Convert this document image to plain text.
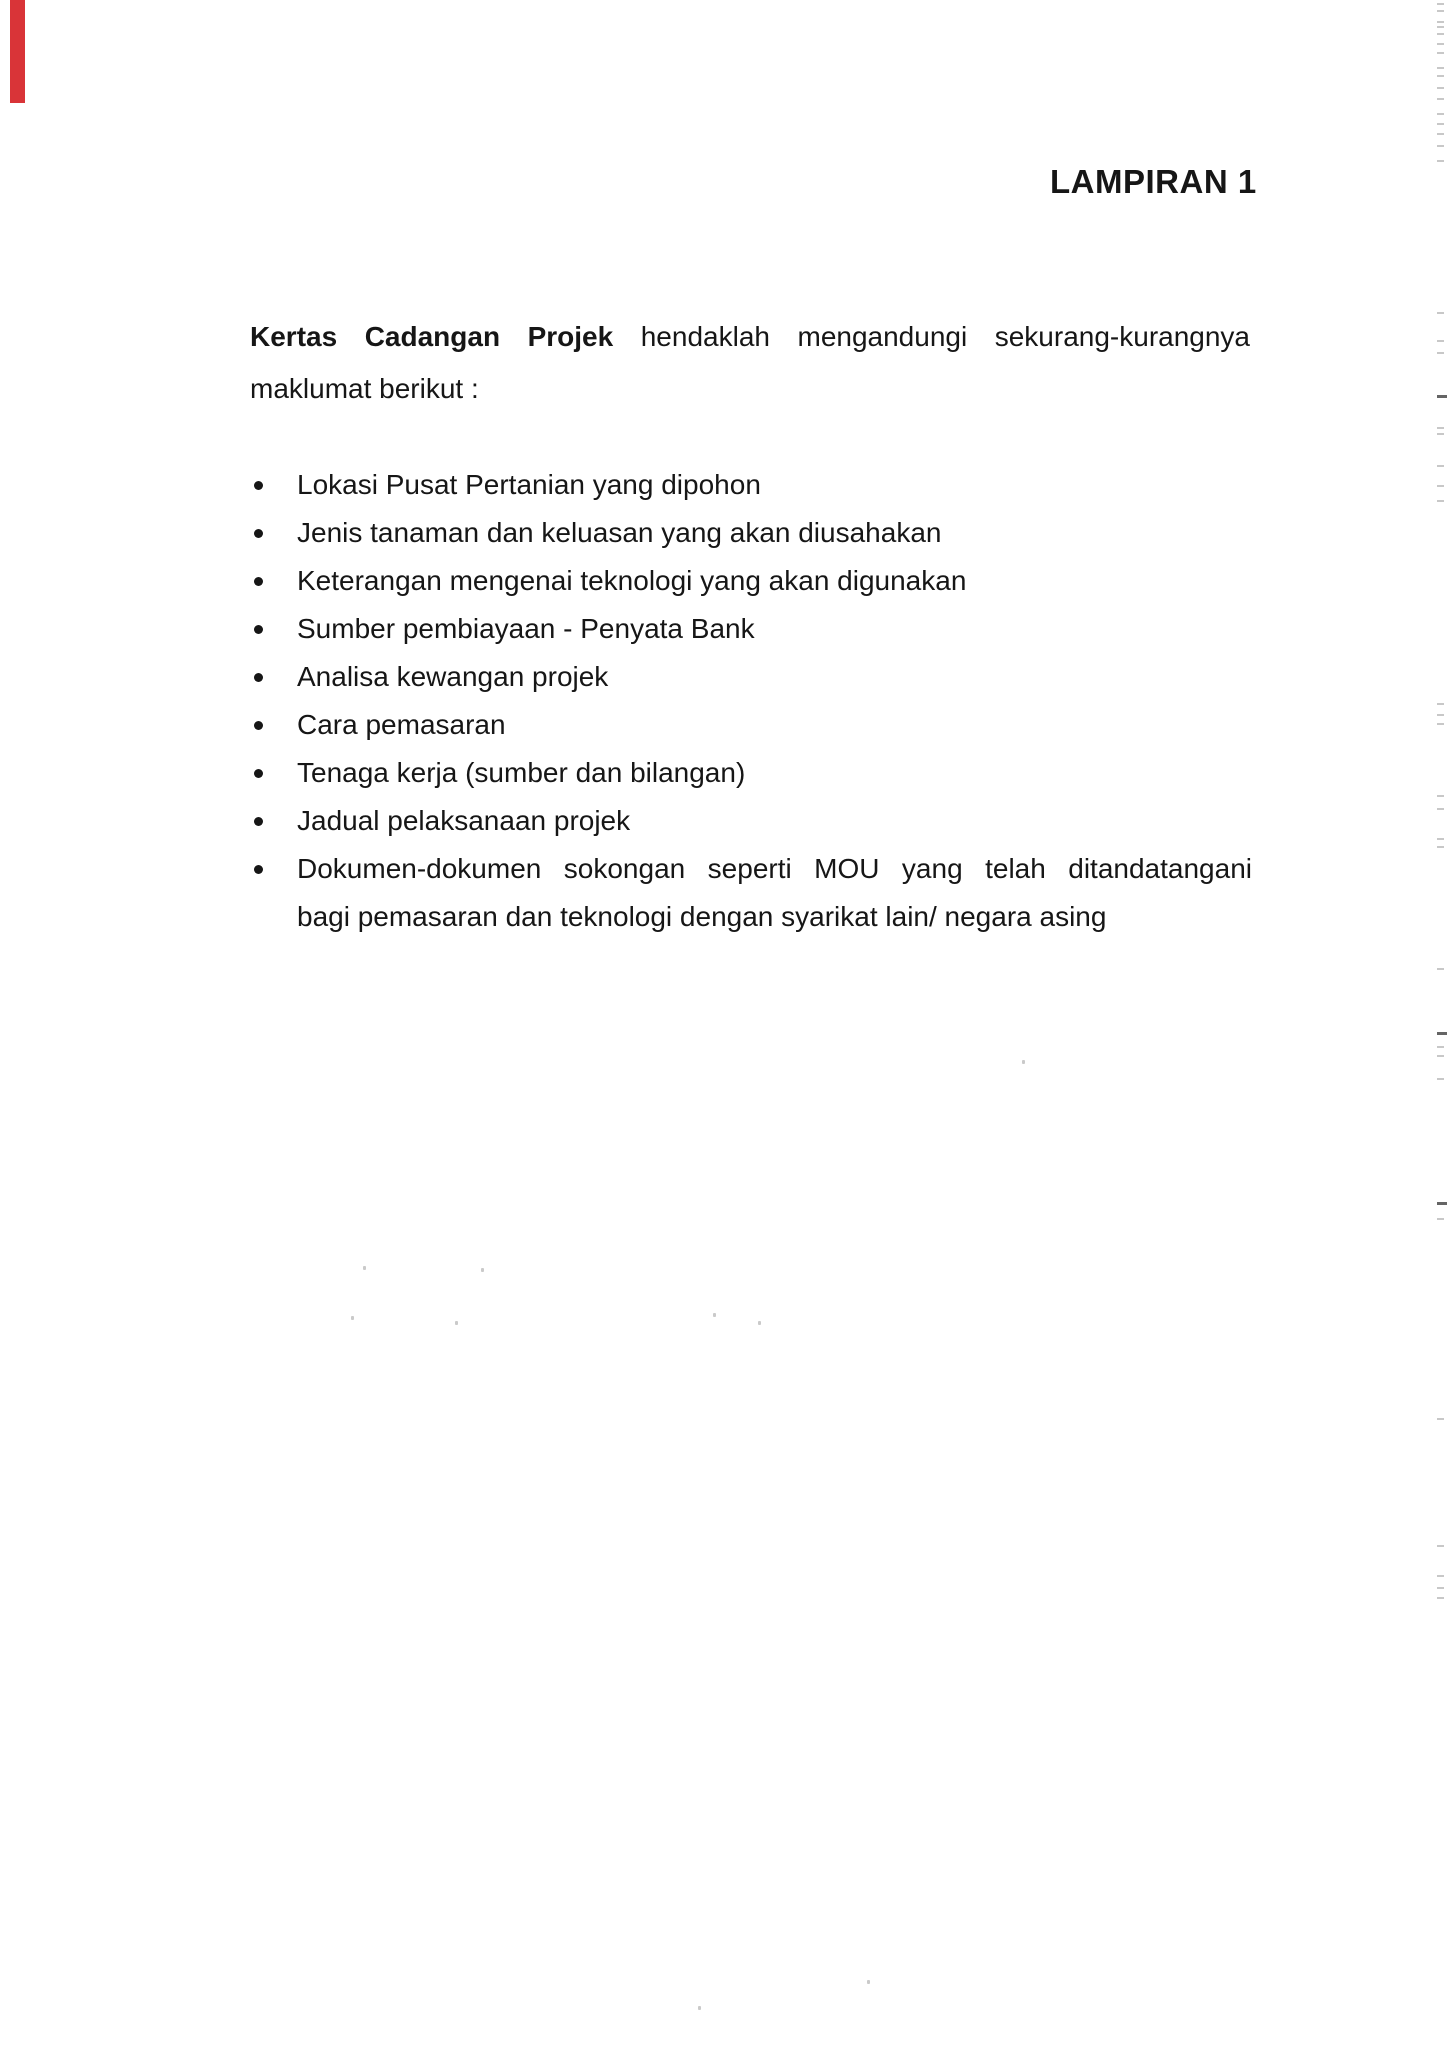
LAMPIRAN 1
Kertas Cadangan Projek hendaklah mengandungi sekurang-kurangnya
maklumat berikut :
Lokasi Pusat Pertanian yang dipohon
Jenis tanaman dan keluasan yang akan diusahakan
Keterangan mengenai teknologi yang akan digunakan
Sumber pembiayaan - Penyata Bank
Analisa kewangan projek
Cara pemasaran
Tenaga kerja (sumber dan bilangan)
Jadual pelaksanaan projek
Dokumen-dokumen sokongan seperti MOU yang telah ditandatangani
bagi pemasaran dan teknologi dengan syarikat lain/ negara asing
